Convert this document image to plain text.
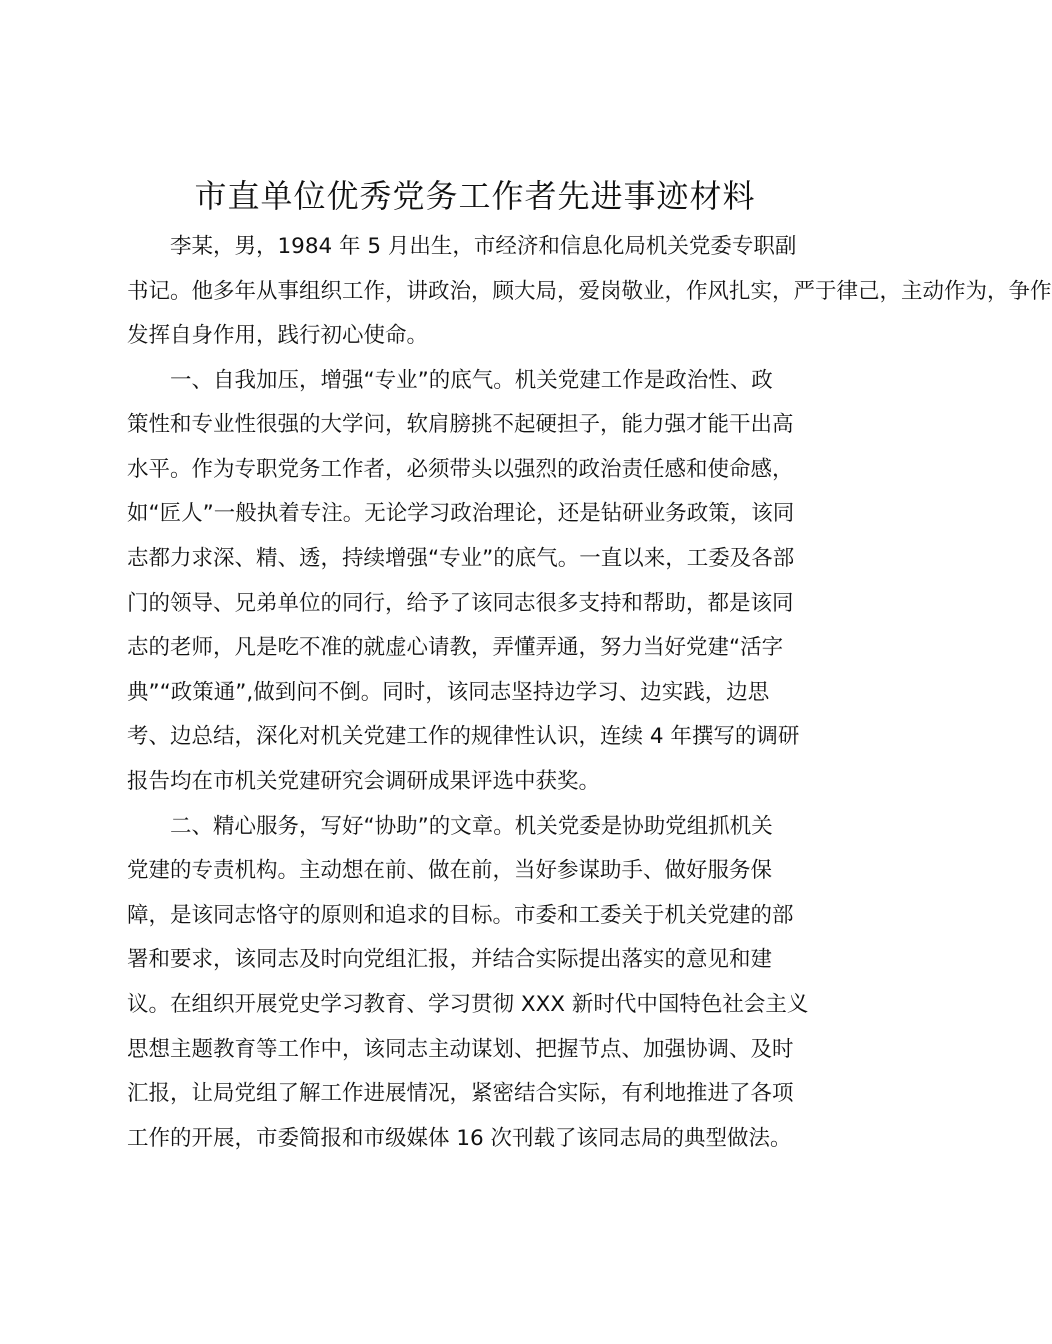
市直单位优秀党务工作者先进事迹材料

李某，男，1984 年 5 月出生，市经济和信息化局机关党委专职副

书记。他多年从事组织工作，讲政治，顾大局，爱岗敬业，作风扎实，严于律己，主动作为，争作

发挥自身作用，践行初心使命。

一、自我加压，增强“专业”的底气。机关党建工作是政治性、政

策性和专业性很强的大学问，软肩膀挑不起硬担子，能力强才能干出高

水平。作为专职党务工作者，必须带头以强烈的政治责任感和使命感，

如“匠人”一般执着专注。无论学习政治理论，还是钻研业务政策，该同

志都力求深、精、透，持续增强“专业”的底气。一直以来，工委及各部

门的领导、兄弟单位的同行，给予了该同志很多支持和帮助，都是该同

志的老师，凡是吃不准的就虚心请教，弄懂弄通，努力当好党建“活字

典”“政策通”,做到问不倒。同时，该同志坚持边学习、边实践，边思

考、边总结，深化对机关党建工作的规律性认识，连续 4 年撰写的调研

报告均在市机关党建研究会调研成果评选中获奖。

二、精心服务，写好“协助”的文章。机关党委是协助党组抓机关

党建的专责机构。主动想在前、做在前，当好参谋助手、做好服务保

障，是该同志恪守的原则和追求的目标。市委和工委关于机关党建的部

署和要求，该同志及时向党组汇报，并结合实际提出落实的意见和建

议。在组织开展党史学习教育、学习贯彻 XXX 新时代中国特色社会主义

思想主题教育等工作中，该同志主动谋划、把握节点、加强协调、及时

汇报，让局党组了解工作进展情况，紧密结合实际，有利地推进了各项

工作的开展，市委简报和市级媒体 16 次刊载了该同志局的典型做法。
